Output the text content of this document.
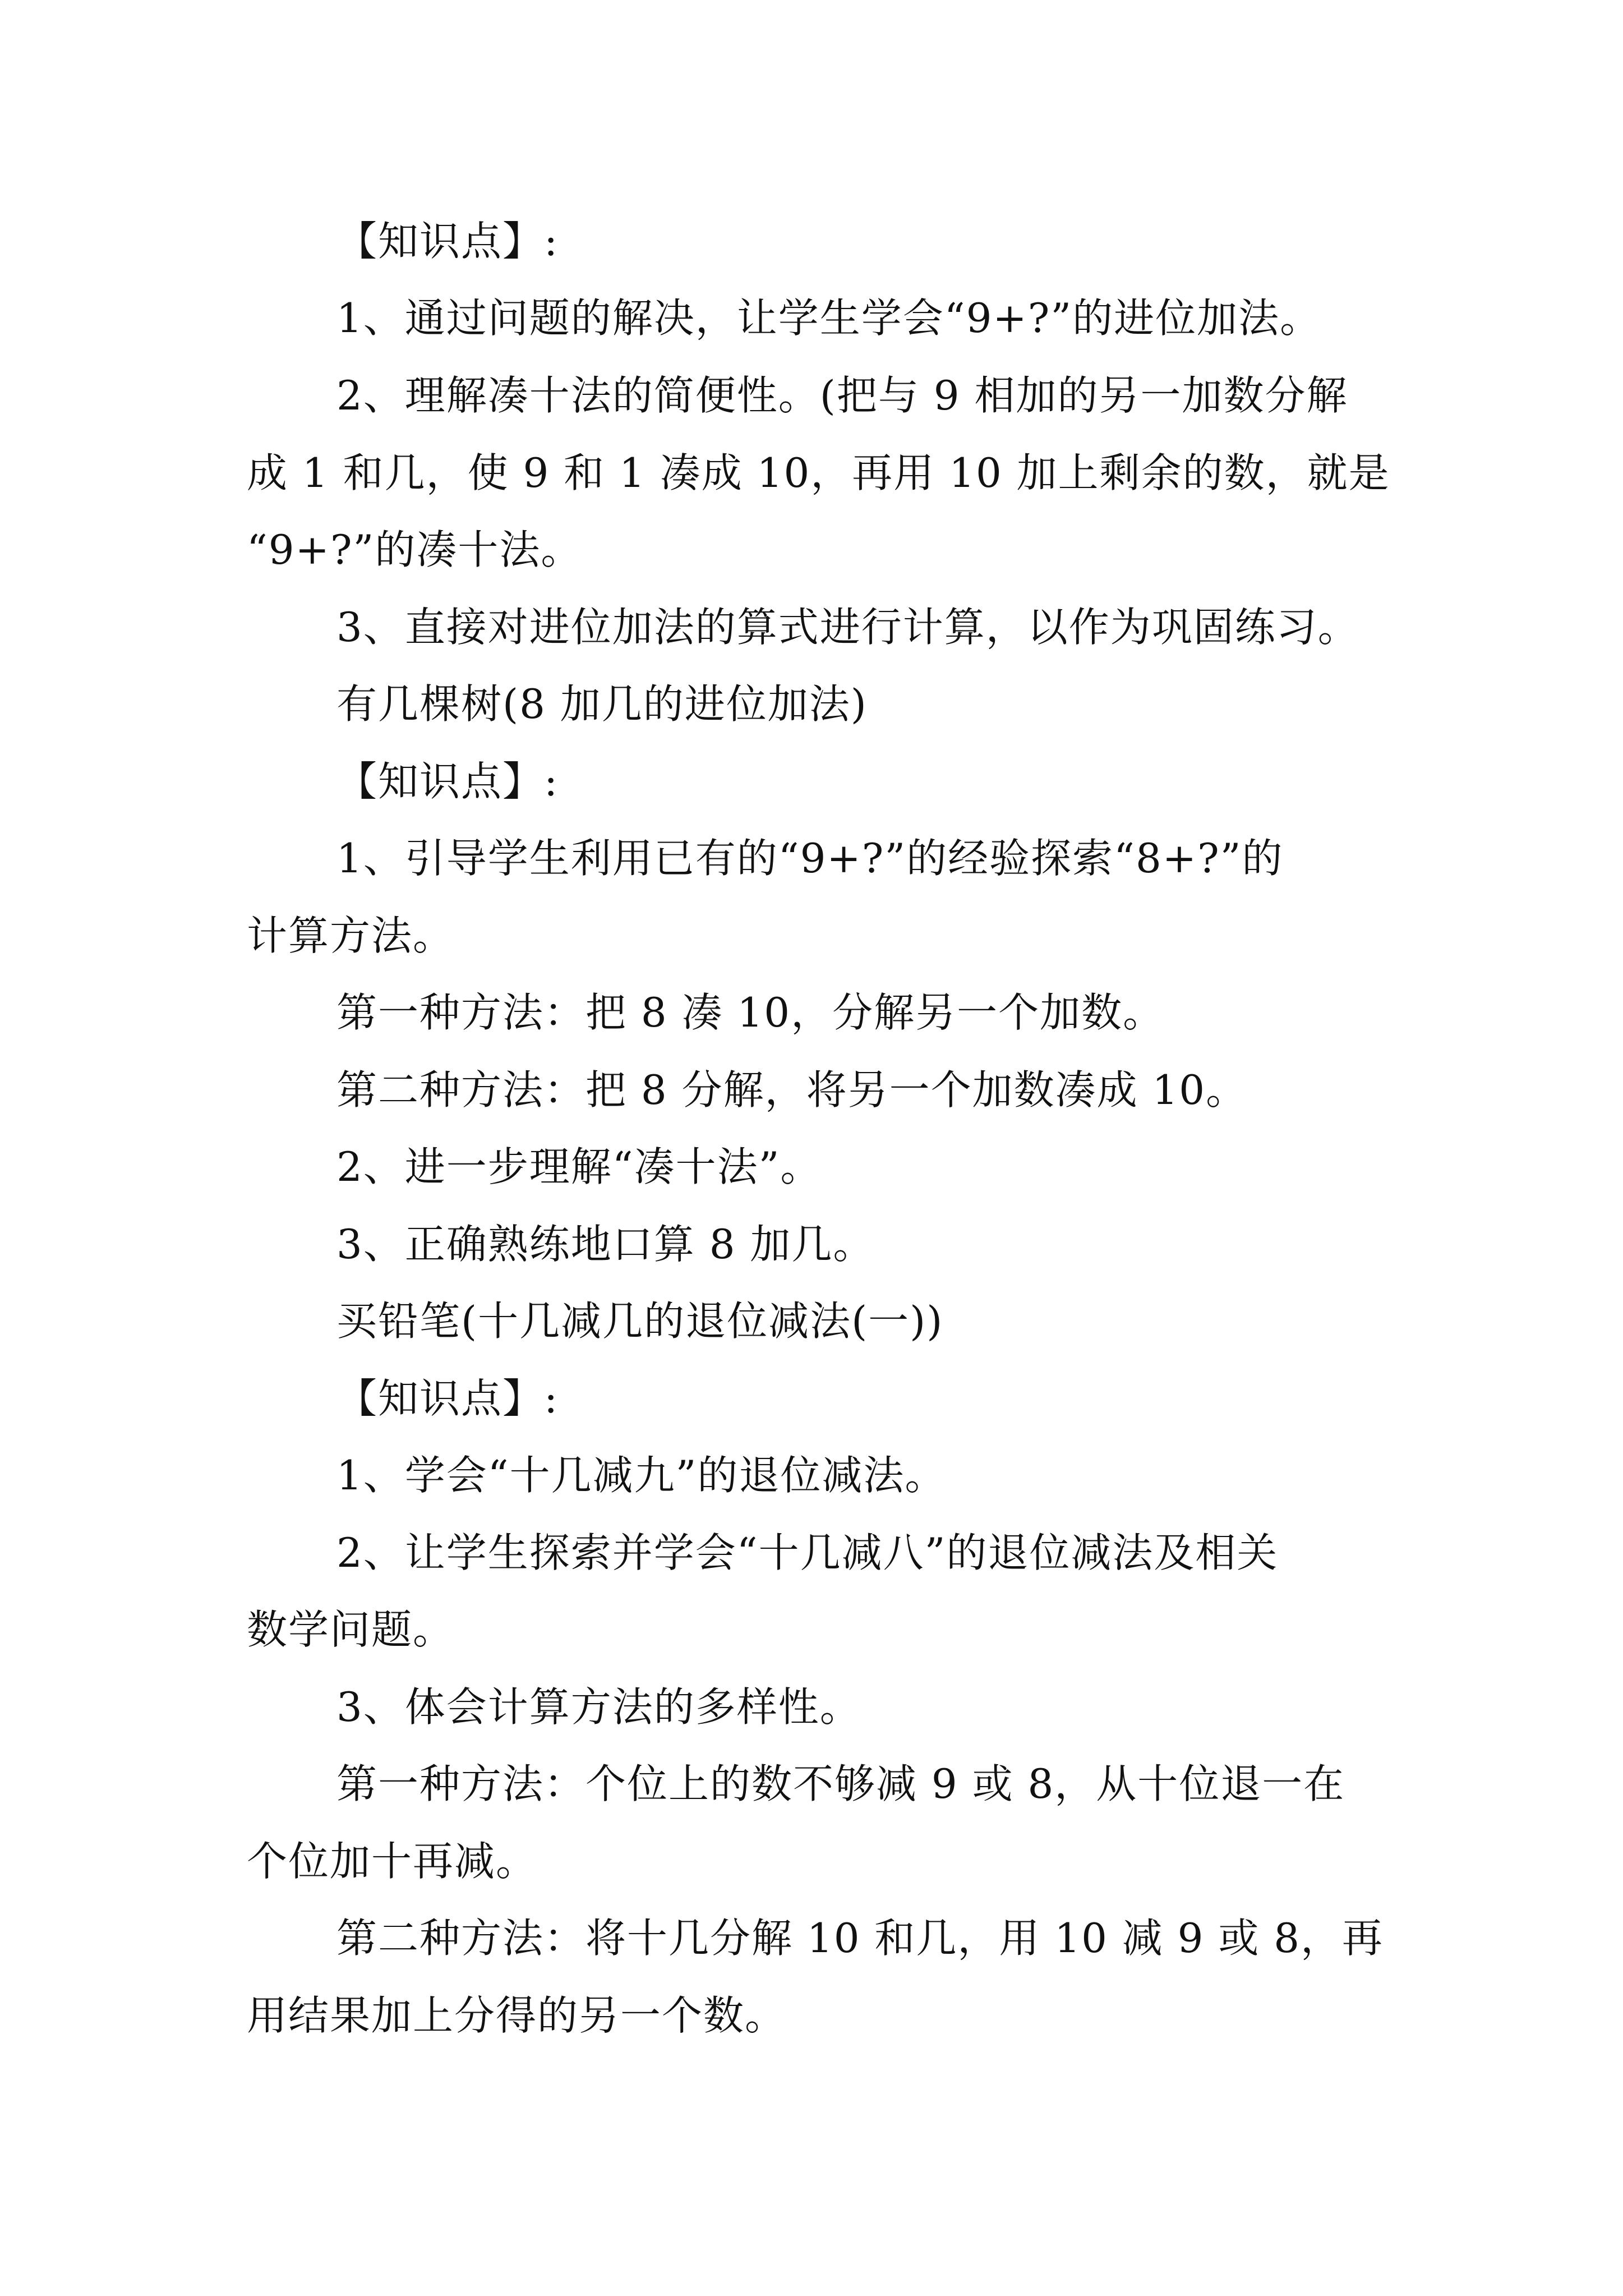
【知识点】:
1、通过问题的解决，让学生学会“9+?”的进位加法。
2、理解凑十法的简便性。(把与 9 相加的另一加数分解
成 1 和几，使 9 和 1 凑成 10，再用 10 加上剩余的数，就是
“9+?”的凑十法。
3、直接对进位加法的算式进行计算，以作为巩固练习。
有几棵树(8 加几的进位加法)
【知识点】:
1、引导学生利用已有的“9+?”的经验探索“8+?”的
计算方法。
第一种方法：把 8 凑 10，分解另一个加数。
第二种方法：把 8 分解，将另一个加数凑成 10。
2、进一步理解“凑十法”。
3、正确熟练地口算 8 加几。
买铅笔(十几减几的退位减法(一))
【知识点】:
1、学会“十几减九”的退位减法。
2、让学生探索并学会“十几减八”的退位减法及相关
数学问题。
3、体会计算方法的多样性。
第一种方法：个位上的数不够减 9 或 8，从十位退一在
个位加十再减。
第二种方法：将十几分解 10 和几，用 10 减 9 或 8，再
用结果加上分得的另一个数。
